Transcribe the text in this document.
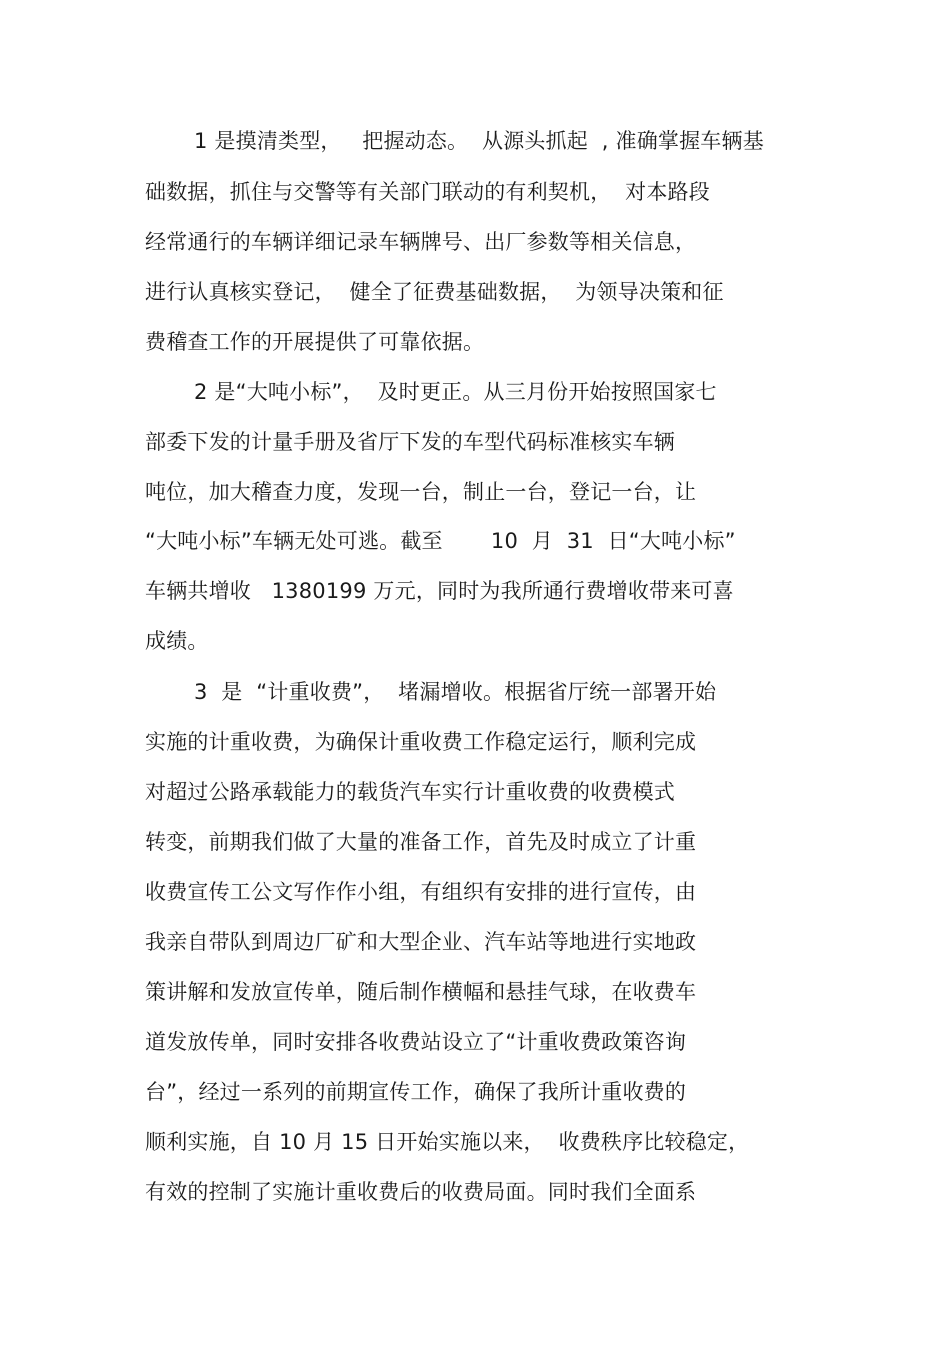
1 是摸清类型，   把握动态。  从源头抓起  , 准确掌握车辆基
础数据，抓住与交警等有关部门联动的有利契机，  对本路段
经常通行的车辆详细记录车辆牌号、出厂参数等相关信息，
进行认真核实登记，  健全了征费基础数据，  为领导决策和征
费稽查工作的开展提供了可靠依据。
2 是“大吨小标”，  及时更正。从三月份开始按照国家七
部委下发的计量手册及省厅下发的车型代码标准核实车辆
吨位，加大稽查力度，发现一台，制止一台，登记一台，让
“大吨小标”车辆无处可逃。截至       10  月  31  日“大吨小标”
车辆共增收   1380199 万元，同时为我所通行费增收带来可喜
成绩。
3  是  “计重收费”，  堵漏增收。根据省厅统一部署开始
实施的计重收费，为确保计重收费工作稳定运行，顺利完成
对超过公路承载能力的载货汽车实行计重收费的收费模式
转变，前期我们做了大量的准备工作，首先及时成立了计重
收费宣传工公文写作作小组，有组织有安排的进行宣传，由
我亲自带队到周边厂矿和大型企业、汽车站等地进行实地政
策讲解和发放宣传单，随后制作横幅和悬挂气球，在收费车
道发放传单，同时安排各收费站设立了“计重收费政策咨询
台”，经过一系列的前期宣传工作，确保了我所计重收费的
顺利实施，自 10 月 15 日开始实施以来，  收费秩序比较稳定，
有效的控制了实施计重收费后的收费局面。同时我们全面系
